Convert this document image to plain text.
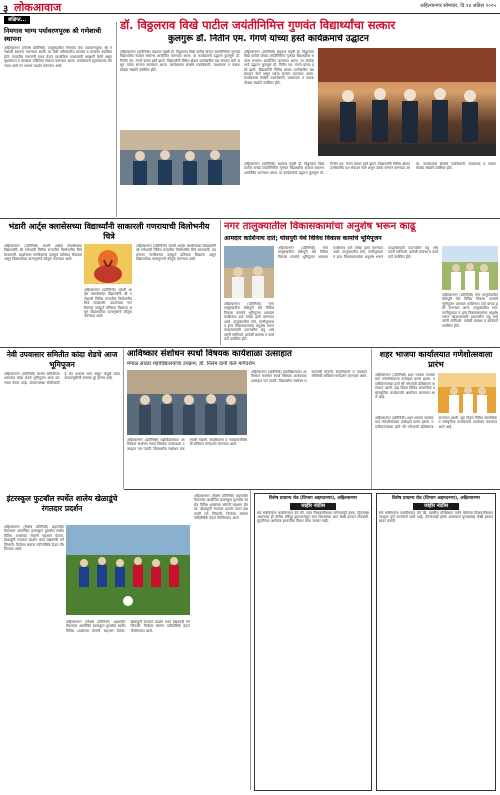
३ लोकआवाज	अहिल्यानगर सोमवार, दि.१४ अप्रिल २०२५
संक्षिप्त...
निमगाव भाग्य पर्यावरणपूरक श्री गणेशाची स्थापना
अहिल्यानगर (विशेष प्रतिनिधी) तालुक्यातील निमगाव येथे पर्यावरणपूरक श्री गणेशाची स्थापना करण्यात आली. या वेळी परिसरातील ग्रामस्थ व मान्यवर उपस्थित होते. गावातील तरुणांनी एकत्र येऊन सामाजिक उपक्रमांची आखणी केली असून वृक्षारोपण व स्वच्छता मोहिमेचा संकल्प करण्यात आला. कार्यक्रमाचे सूत्रसंचालन करण्यात आले तर आभार प्रदर्शन करण्यात आले.
डॉ. विठ्ठलराव विखे पाटील जयंतीनिमित्त गुणवंत विद्यार्थ्यांचा सत्कार
कुलगुरू डॉ. नितीन एम. गंगणे यांच्या हस्ते कार्यक्रमाचे उद्घाटन
अहिल्यानगर (प्रतिनिधी) सहकार महर्षी डॉ. विठ्ठलराव विखे पाटील यांच्या जयंतीनिमित्त गुणवंत विद्यार्थ्यांचा सत्कार समारंभ आयोजित करण्यात आला. या कार्यक्रमाचे उद्घाटन कुलगुरू डॉ. नितीन एम. गंगणे यांच्या हस्ते झाले. विद्यार्थ्यांनी विविध क्षेत्रात उल्लेखनीय यश संपादन केले असून त्यांचा सन्मान करण्यात आला. कार्यक्रमास संस्थेचे पदाधिकारी, प्राध्यापक व पालक मोठ्या संख्येने उपस्थित होते.
अहिल्यानगर (प्रतिनिधी) सहकार महर्षी डॉ. विठ्ठलराव विखे पाटील यांच्या जयंतीनिमित्त गुणवंत विद्यार्थ्यांचा सत्कार समारंभ आयोजित करण्यात आला. या कार्यक्रमाचे उद्घाटन कुलगुरू डॉ. नितीन एम. गंगणे यांच्या हस्ते झाले. विद्यार्थ्यांनी विविध क्षेत्रात उल्लेखनीय यश संपादन केले असून त्यांचा सन्मान करण्यात आला. कार्यक्रमास संस्थेचे पदाधिकारी, प्राध्यापक व पालक मोठ्या संख्येने उपस्थित होते.
अहिल्यानगर (प्रतिनिधी) सहकार महर्षी डॉ. विठ्ठलराव विखे पाटील यांच्या जयंतीनिमित्त गुणवंत विद्यार्थ्यांचा सत्कार समारंभ आयोजित करण्यात आला. या कार्यक्रमाचे उद्घाटन कुलगुरू डॉ. नितीन एम. गंगणे यांच्या हस्ते झाले. विद्यार्थ्यांनी विविध क्षेत्रात उल्लेखनीय यश संपादन केले असून त्यांचा सन्मान करण्यात आला. कार्यक्रमास संस्थेचे पदाधिकारी, प्राध्यापक व पालक मोठ्या संख्येने उपस्थित होते.
भंडारी आर्ट्स क्लासेसच्या विद्यार्थ्यांनी साकारली गणरायाची विलोभनीय चित्रे
अहिल्यानगर (प्रतिनिधी) भंडारी आर्ट्स क्लासेसच्या विद्यार्थ्यांनी श्री गणेशाची विविध रूपातील विलोभनीय चित्रे साकारली. प्रदर्शनाला नागरिकांचा उत्स्फूर्त प्रतिसाद मिळाला असून विद्यार्थ्यांच्या कलागुणांचे कौतुक करण्यात आले.
अहिल्यानगर (प्रतिनिधी) भंडारी आर्ट्स क्लासेसच्या विद्यार्थ्यांनी श्री गणेशाची विविध रूपातील विलोभनीय चित्रे साकारली. प्रदर्शनाला नागरिकांचा उत्स्फूर्त प्रतिसाद मिळाला असून विद्यार्थ्यांच्या कलागुणांचे कौतुक करण्यात आले.
अहिल्यानगर (प्रतिनिधी) भंडारी आर्ट्स क्लासेसच्या विद्यार्थ्यांनी श्री गणेशाची विविध रूपातील विलोभनीय चित्रे साकारली. प्रदर्शनाला नागरिकांचा उत्स्फूर्त प्रतिसाद मिळाला असून विद्यार्थ्यांच्या कलागुणांचे कौतुक करण्यात आले.
नगर तालुक्यातील विकासकामांचा अनुशेष भरून काढू
आमदार काशिनाथ दाते; घोसपुरी येथे विविध विकास कामांचे भूमिपूजन
अहिल्यानगर (प्रतिनिधी) नगर तालुक्यातील घोसपुरी येथे विविध विकास कामांचे भूमिपूजन आमदार काशिनाथ दाते यांच्या हस्ते करण्यात आले. तालुक्यातील रस्ते, पाणीपुरवठा व इतर विकासकामांचा अनुशेष भरून काढण्यासाठी प्रयत्नशील राहू असे त्यांनी सांगितले. यावेळी ग्रामस्थ व कार्यकर्ते उपस्थित होते.
अहिल्यानगर (प्रतिनिधी) नगर तालुक्यातील घोसपुरी येथे विविध विकास कामांचे भूमिपूजन आमदार काशिनाथ दाते यांच्या हस्ते करण्यात आले. तालुक्यातील रस्ते, पाणीपुरवठा व इतर विकासकामांचा अनुशेष भरून काढण्यासाठी प्रयत्नशील राहू असे त्यांनी सांगितले. यावेळी ग्रामस्थ व कार्यकर्ते उपस्थित होते.
अहिल्यानगर (प्रतिनिधी) नगर तालुक्यातील घोसपुरी येथे विविध विकास कामांचे भूमिपूजन आमदार काशिनाथ दाते यांच्या हस्ते करण्यात आले. तालुक्यातील रस्ते, पाणीपुरवठा व इतर विकासकामांचा अनुशेष भरून काढण्यासाठी प्रयत्नशील राहू असे त्यांनी सांगितले. यावेळी ग्रामस्थ व कार्यकर्ते उपस्थित होते.
नेवी उपवासार समितीत कांदा शेडचे आज भूमिपूजन
अहिल्यानगर (प्रतिनिधी) बाजार समितीच्या आवारात कांदा शेडचे भूमिपूजन आज करण्यात येणार आहे. शेतकऱ्यांच्या सोयीसाठी हे शेड उभारले जात असून यामुळे कांदा साठवणुकीची समस्या दूर होणार आहे.
आविष्कार संशोधन स्पर्धा विषयक कार्यशाळा उत्साहात
मेंगाळ सारडा महाविद्यालयाचा उपक्रम; डॉ. निलम दानी केले मार्गदर्शन
अहिल्यानगर (प्रतिनिधी) महाविद्यालयात आविष्कार संशोधन स्पर्धा विषयक कार्यशाळा उत्साहात पार पडली. विद्यार्थ्यांना संशोधन प्रकल्पाची मांडणी, सादरीकरण व नवकल्पनांविषयी सविस्तर मार्गदर्शन करण्यात आले.
अहिल्यानगर (प्रतिनिधी) महाविद्यालयात आविष्कार संशोधन स्पर्धा विषयक कार्यशाळा उत्साहात पार पडली. विद्यार्थ्यांना संशोधन प्रकल्पाची मांडणी, सादरीकरण व नवकल्पनांविषयी सविस्तर मार्गदर्शन करण्यात आले.
शहर भाजपा कार्यालयात गणेशोत्सवाला प्रारंभ
अहिल्यानगर (प्रतिनिधी) शहर भाजपा कार्यालयात गणेशोत्सवाला उत्साहात प्रारंभ झाला. पदाधिकाऱ्यांच्या हस्ते श्री गणेशाची प्रतिष्ठापना करण्यात आली. दहा दिवस विविध सामाजिक व सांस्कृतिक कार्यक्रमांचे आयोजन करण्यात आले आहे.
अहिल्यानगर (प्रतिनिधी) शहर भाजपा कार्यालयात गणेशोत्सवाला उत्साहात प्रारंभ झाला. पदाधिकाऱ्यांच्या हस्ते श्री गणेशाची प्रतिष्ठापना करण्यात आली. दहा दिवस विविध सामाजिक व सांस्कृतिक कार्यक्रमांचे आयोजन करण्यात आले आहे.
इंटरस्कूल फुटबॉल स्पर्धेत शालेय खेळाडूंचे रंगतदार प्रदर्शन
अहिल्यानगर (विशेष प्रतिनिधी) शहरातील मैदानावर आयोजित इंटरस्कूल फुटबॉल स्पर्धेत विविध शाळांच्या संघांनी सहभाग घेतला. खेळाडूंनी रंगतदार प्रदर्शन करत प्रेक्षकांची मने जिंकली. विजेत्या संघांना पारितोषिके देऊन गौरविण्यात आले.
अहिल्यानगर (विशेष प्रतिनिधी) शहरातील मैदानावर आयोजित इंटरस्कूल फुटबॉल स्पर्धेत विविध शाळांच्या संघांनी सहभाग घेतला. खेळाडूंनी रंगतदार प्रदर्शन करत प्रेक्षकांची मने जिंकली. विजेत्या संघांना पारितोषिके देऊन गौरविण्यात आले.
अहिल्यानगर (विशेष प्रतिनिधी) शहरातील मैदानावर आयोजित इंटरस्कूल फुटबॉल स्पर्धेत विविध शाळांच्या संघांनी सहभाग घेतला. खेळाडूंनी रंगतदार प्रदर्शन करत प्रेक्षकांची मने जिंकली. विजेत्या संघांना पारितोषिके देऊन गौरविण्यात आले.
विशेष प्राधान्य रोड (विभाग अहमदनगर), अहिल्यानगर
जाहीर नोटीस
सर्व संबंधितांना कळविण्यात येते की, सदर मिळकतीबाबत कोणाचाही हक्क, हितसंबंध असल्यास ही नोटीस प्रसिद्ध झाल्यापासून सात दिवसांच्या आत लेखी हरकत नोंदवावी. मुदतीनंतर आलेल्या हरकतींचा विचार केला जाणार नाही.
विशेष प्राधान्य रोड (विभाग अहमदनगर), अहिल्यानगर
जाहीर नोटीस
सर्व संबंधितांना कळविण्यात येते की, खालील परिशिष्टात वर्णन केलेल्या मिळकतीबाबत व्यवहार पूर्ण करण्याचे ठरले आहे. कोणाचाही हक्क असल्यास पुराव्यासह लेखी हरकत सादर करावी.
